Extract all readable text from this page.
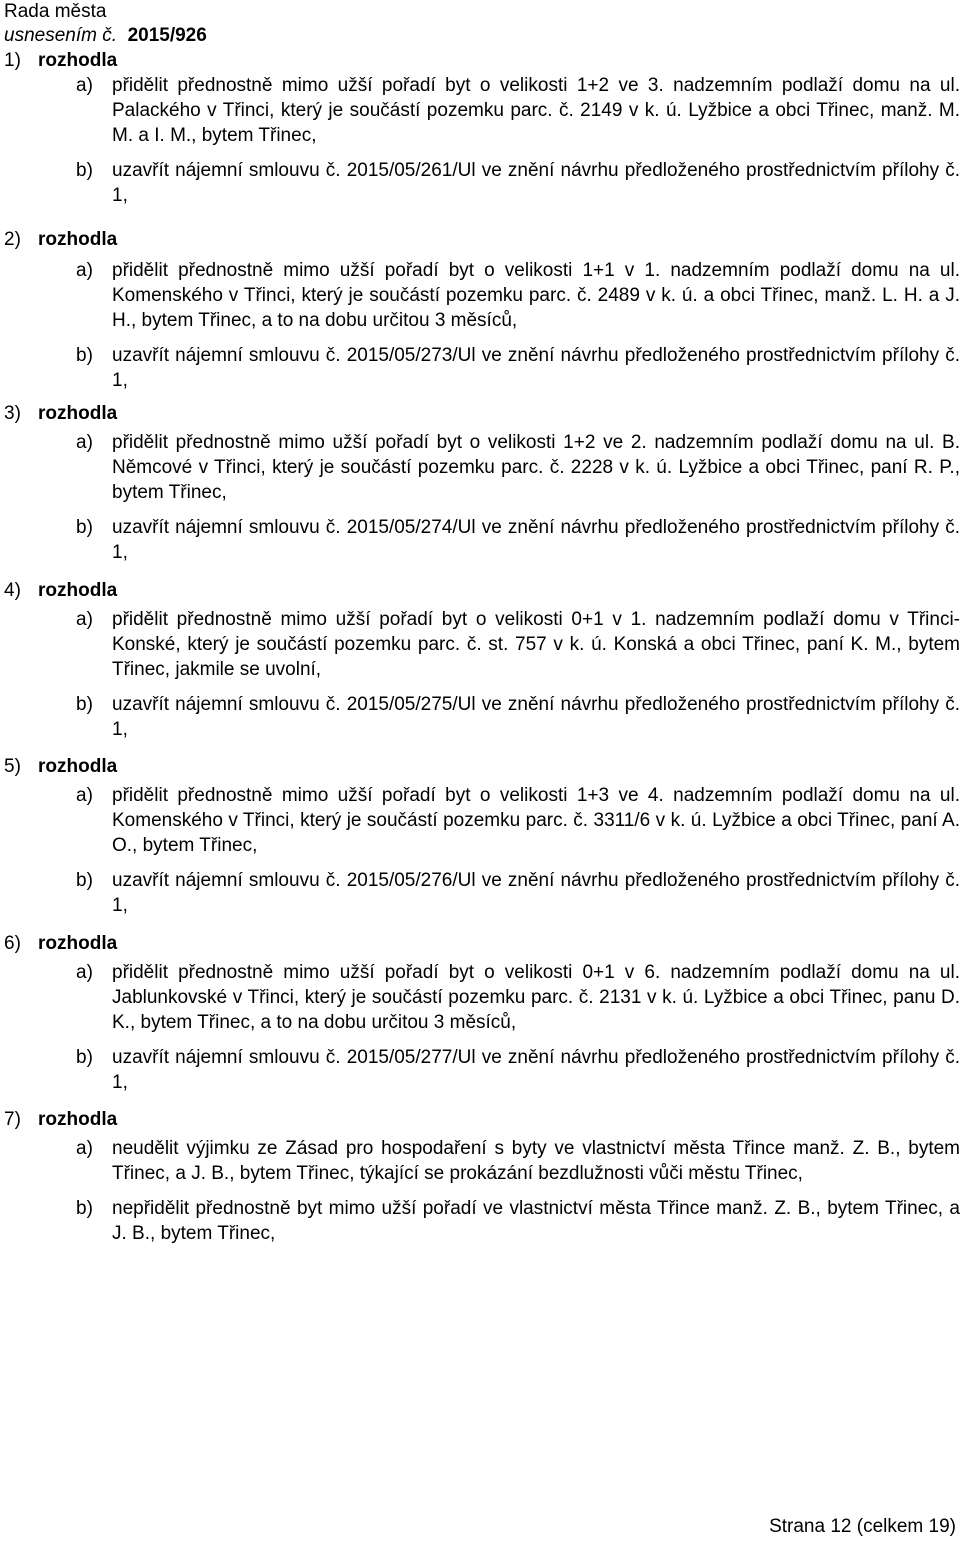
Rada města
usnesením č. 2015/926
1) rozhodla
a) přidělit přednostně mimo užší pořadí byt o velikosti 1+2 ve 3. nadzemním podlaží domu na ul. Palackého v Třinci, který je součástí pozemku parc. č. 2149 v k. ú. Lyžbice a obci Třinec, manž. M. M. a I. M., bytem Třinec,
b) uzavřít nájemní smlouvu č. 2015/05/261/Ul ve znění návrhu předloženého prostřednictvím přílohy č. 1,
2) rozhodla
a) přidělit přednostně mimo užší pořadí byt o velikosti 1+1 v 1. nadzemním podlaží domu na ul. Komenského v Třinci, který je součástí pozemku parc. č. 2489 v k. ú. a obci Třinec, manž. L. H. a J. H., bytem Třinec, a to na dobu určitou 3 měsíců,
b) uzavřít nájemní smlouvu č. 2015/05/273/Ul ve znění návrhu předloženého prostřednictvím přílohy č. 1,
3) rozhodla
a) přidělit přednostně mimo užší pořadí byt o velikosti 1+2 ve 2. nadzemním podlaží domu na ul. B. Němcové v Třinci, který je součástí pozemku parc. č. 2228 v k. ú. Lyžbice a obci Třinec, paní R. P., bytem Třinec,
b) uzavřít nájemní smlouvu č. 2015/05/274/Ul ve znění návrhu předloženého prostřednictvím přílohy č. 1,
4) rozhodla
a) přidělit přednostně mimo užší pořadí byt o velikosti 0+1 v 1. nadzemním podlaží domu v Třinci-Konské, který je součástí pozemku parc. č. st. 757 v k. ú. Konská a obci Třinec, paní K. M., bytem Třinec, jakmile se uvolní,
b) uzavřít nájemní smlouvu č. 2015/05/275/Ul ve znění návrhu předloženého prostřednictvím přílohy č. 1,
5) rozhodla
a) přidělit přednostně mimo užší pořadí byt o velikosti 1+3 ve 4. nadzemním podlaží domu na ul. Komenského v Třinci, který je součástí pozemku parc. č. 3311/6 v k. ú. Lyžbice a obci Třinec, paní A. O., bytem Třinec,
b) uzavřít nájemní smlouvu č. 2015/05/276/Ul ve znění návrhu předloženého prostřednictvím přílohy č. 1,
6) rozhodla
a) přidělit přednostně mimo užší pořadí byt o velikosti 0+1 v 6. nadzemním podlaží domu na ul. Jablunkovské v Třinci, který je součástí pozemku parc. č. 2131 v k. ú. Lyžbice a obci Třinec, panu D. K., bytem Třinec, a to na dobu určitou 3 měsíců,
b) uzavřít nájemní smlouvu č. 2015/05/277/Ul ve znění návrhu předloženého prostřednictvím přílohy č. 1,
7) rozhodla
a) neudělit výjimku ze Zásad pro hospodaření s byty ve vlastnictví města Třince manž. Z. B., bytem Třinec, a J. B., bytem Třinec, týkající se prokázání bezdlužnosti vůči městu Třinec,
b) nepřidělit přednostně byt mimo užší pořadí ve vlastnictví města Třince manž. Z. B., bytem Třinec, a J. B., bytem Třinec,
Strana 12 (celkem 19)
